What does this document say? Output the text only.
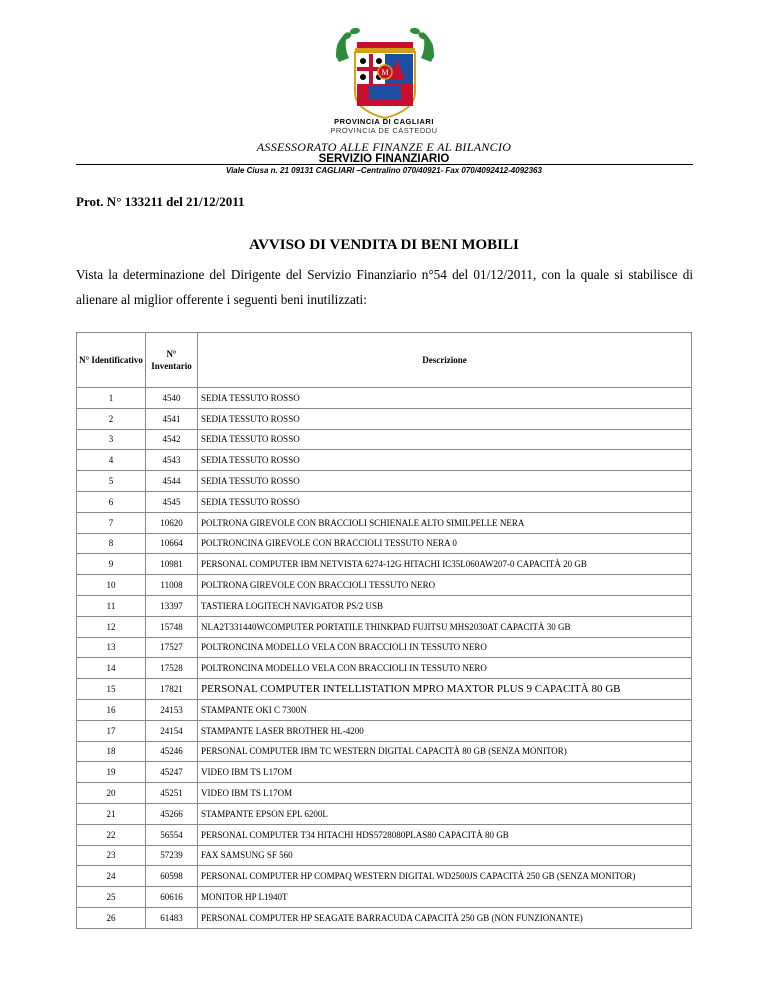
M
PROVINCIA DI CAGLIARI
PROVINCIA DE CASTEDDU
ASSESSORATO ALLE FINANZE E AL BILANCIO
SERVIZIO FINANZIARIO
Viale Ciusa n. 21 09131 CAGLIARI –Centralino 070/40921- Fax 070/4092412-4092363
Prot. N° 133211 del 21/12/2011
AVVISO DI VENDITA DI BENI MOBILI
Vista la determinazione del Dirigente del Servizio Finanziario n°54 del 01/12/2011, con la quale si stabilisce di alienare al miglior offerente i seguenti beni inutilizzati:
N° Identificativo	N° Inventario	Descrizione
1	4540	SEDIA TESSUTO ROSSO
2	4541	SEDIA TESSUTO ROSSO
3	4542	SEDIA TESSUTO ROSSO
4	4543	SEDIA TESSUTO ROSSO
5	4544	SEDIA TESSUTO ROSSO
6	4545	SEDIA TESSUTO ROSSO
7	10620	POLTRONA GIREVOLE CON BRACCIOLI SCHIENALE ALTO SIMILPELLE NERA
8	10664	POLTRONCINA GIREVOLE CON BRACCIOLI TESSUTO NERA 0
9	10981	PERSONAL COMPUTER IBM NETVISTA 6274-12G HITACHI IC35L060AW207-0 CAPACITÀ 20 GB
10	11008	POLTRONA GIREVOLE CON BRACCIOLI TESSUTO NERO
11	13397	TASTIERA LOGITECH NAVIGATOR PS/2 USB
12	15748	NLA2T331440WCOMPUTER PORTATILE THINKPAD FUJITSU MHS2030AT CAPACITÀ 30 GB
13	17527	POLTRONCINA MODELLO VELA CON BRACCIOLI IN TESSUTO NERO
14	17528	POLTRONCINA MODELLO VELA CON BRACCIOLI IN TESSUTO NERO
15	17821	PERSONAL COMPUTER INTELLISTATION MPRO MAXTOR PLUS 9 CAPACITÀ 80 GB
16	24153	STAMPANTE OKI C 7300N
17	24154	STAMPANTE LASER BROTHER HL-4200
18	45246	PERSONAL COMPUTER IBM TC WESTERN DIGITAL CAPACITÀ 80 GB (SENZA MONITOR)
19	45247	VIDEO IBM TS L17OM
20	45251	VIDEO IBM TS L17OM
21	45266	STAMPANTE EPSON EPL 6200L
22	56554	PERSONAL COMPUTER T34 HITACHI HDS5728080PLAS80 CAPACITÀ 80 GB
23	57239	FAX SAMSUNG SF 560
24	60598	PERSONAL COMPUTER HP COMPAQ WESTERN DIGITAL WD2500JS CAPACITÀ 250 GB (SENZA MONITOR)
25	60616	MONITOR HP L1940T
26	61483	PERSONAL COMPUTER HP SEAGATE BARRACUDA CAPACITÀ 250 GB (NON FUNZIONANTE)
